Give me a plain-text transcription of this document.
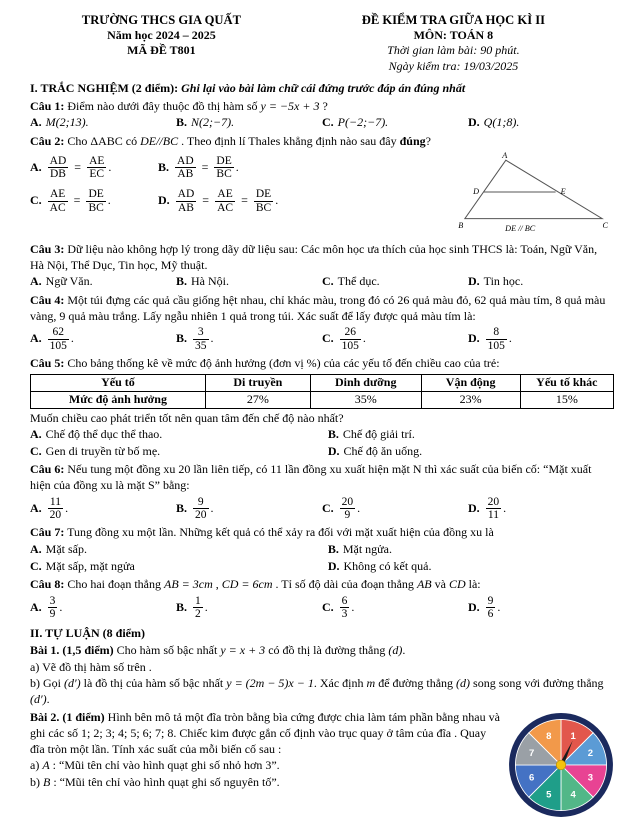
TRƯỜNG THCS GIA QUẤT
Năm học 2024 – 2025
MÃ ĐỀ T801
ĐỀ KIỂM TRA GIỮA HỌC KÌ II
MÔN: TOÁN 8
Thời gian làm bài: 90 phút.
Ngày kiểm tra: 19/03/2025
I. TRẮC NGHIỆM (2 điểm): Ghi lại vào bài làm chữ cái đứng trước đáp án đúng nhất
Câu 1: Điểm nào dưới đây thuộc đồ thị hàm số y = −5x + 3 ?
A. M(2;13).	B. N(2;−7).	C. P(−2;−7).	D. Q(1;8).
Câu 2: Cho ΔABC có DE//BC . Theo định lí Thales khẳng định nào sau đây đúng?
A. $\frac{AD}{DB} = \frac{AE}{EC}$ .	B. $\frac{AD}{AB} = \frac{DE}{BC}$ .
C. $\frac{AE}{AC} = \frac{DE}{BC}$ .	D. $\frac{AD}{AB} = \frac{AE}{AC} = \frac{DE}{BC}$ .
A
B	C
D	E
DE // BC
Câu 3: Dữ liệu nào không hợp lý trong dãy dữ liệu sau: Các môn học ưa thích của học sinh THCS là: Toán, Ngữ Văn, Hà Nội, Thể Dục, Tin học, Mỹ thuật.
A. Ngữ Văn.	B. Hà Nội.	C. Thể dục.	D. Tin học.
Câu 4: Một túi đựng các quả cầu giống hệt nhau, chỉ khác màu, trong đó có 26 quả màu đỏ, 62 quả màu tím, 8 quả màu vàng, 9 quả màu trắng. Lấy ngẫu nhiên 1 quả trong túi. Xác suất để lấy được quả màu tím là:
A. $\frac{62}{105}$ .	B. $\frac{3}{35}$ .	C. $\frac{26}{105}$ .	D. $\frac{8}{105}$ .
Câu 5: Cho bảng thống kê về mức độ ảnh hưởng (đơn vị %) của các yếu tố đến chiều cao của trẻ:
Yếu tố	Di truyền	Dinh dưỡng	Vận động	Yếu tố khác
Mức độ ảnh hưởng	27%	35%	23%	15%
Muốn chiều cao phát triển tốt nên quan tâm đến chế độ nào nhất?
A. Chế độ thể dục thể thao.	B. Chế độ giải trí.
C. Gen di truyền từ bố mẹ.	D. Chế độ ăn uống.
Câu 6: Nếu tung một đồng xu 20 lần liên tiếp, có 11 lần đồng xu xuất hiện mặt N thì xác suất của biến cố: “Mặt xuất hiện của đồng xu là mặt S” bằng:
A. $\frac{11}{20}$ .	B. $\frac{9}{20}$ .	C. $\frac{20}{9}$ .	D. $\frac{20}{11}$ .
Câu 7: Tung đồng xu một lần. Những kết quả có thể xảy ra đối với mặt xuất hiện của đồng xu là
A. Mặt sấp.	B. Mặt ngửa.
C. Mặt sấp, mặt ngửa	D. Không có kết quả.
Câu 8: Cho hai đoạn thẳng AB = 3cm , CD = 6cm . Tỉ số độ dài của đoạn thẳng AB và CD là:
A. $\frac{3}{9}$ .	B. $\frac{1}{2}$ .	C. $\frac{6}{3}$ .	D. $\frac{9}{6}$ .
II. TỰ LUẬN (8 điểm)
Bài 1. (1,5 điểm) Cho hàm số bậc nhất y = x + 3 có đồ thị là đường thẳng (d).
a) Vẽ đồ thị hàm số trên .
b) Gọi (d′) là đồ thị của hàm số bậc nhất y = (2m − 5)x − 1. Xác định m để đường thẳng (d) song song với đường thẳng (d′).
1
2
3
4
5
6
7
8
Bài 2. (1 điểm) Hình bên mô tả một đĩa tròn bằng bìa cứng được chia làm tám phần bằng nhau và ghi các số 1; 2; 3; 4; 5; 6; 7; 8. Chiếc kim được gắn cố định vào trục quay ở tâm của đĩa . Quay đĩa tròn một lần. Tính xác suất của mỗi biến cố sau :
a) A : “Mũi tên chỉ vào hình quạt ghi số nhỏ hơn 3”.
b) B : “Mũi tên chỉ vào hình quạt ghi số nguyên tố”.
